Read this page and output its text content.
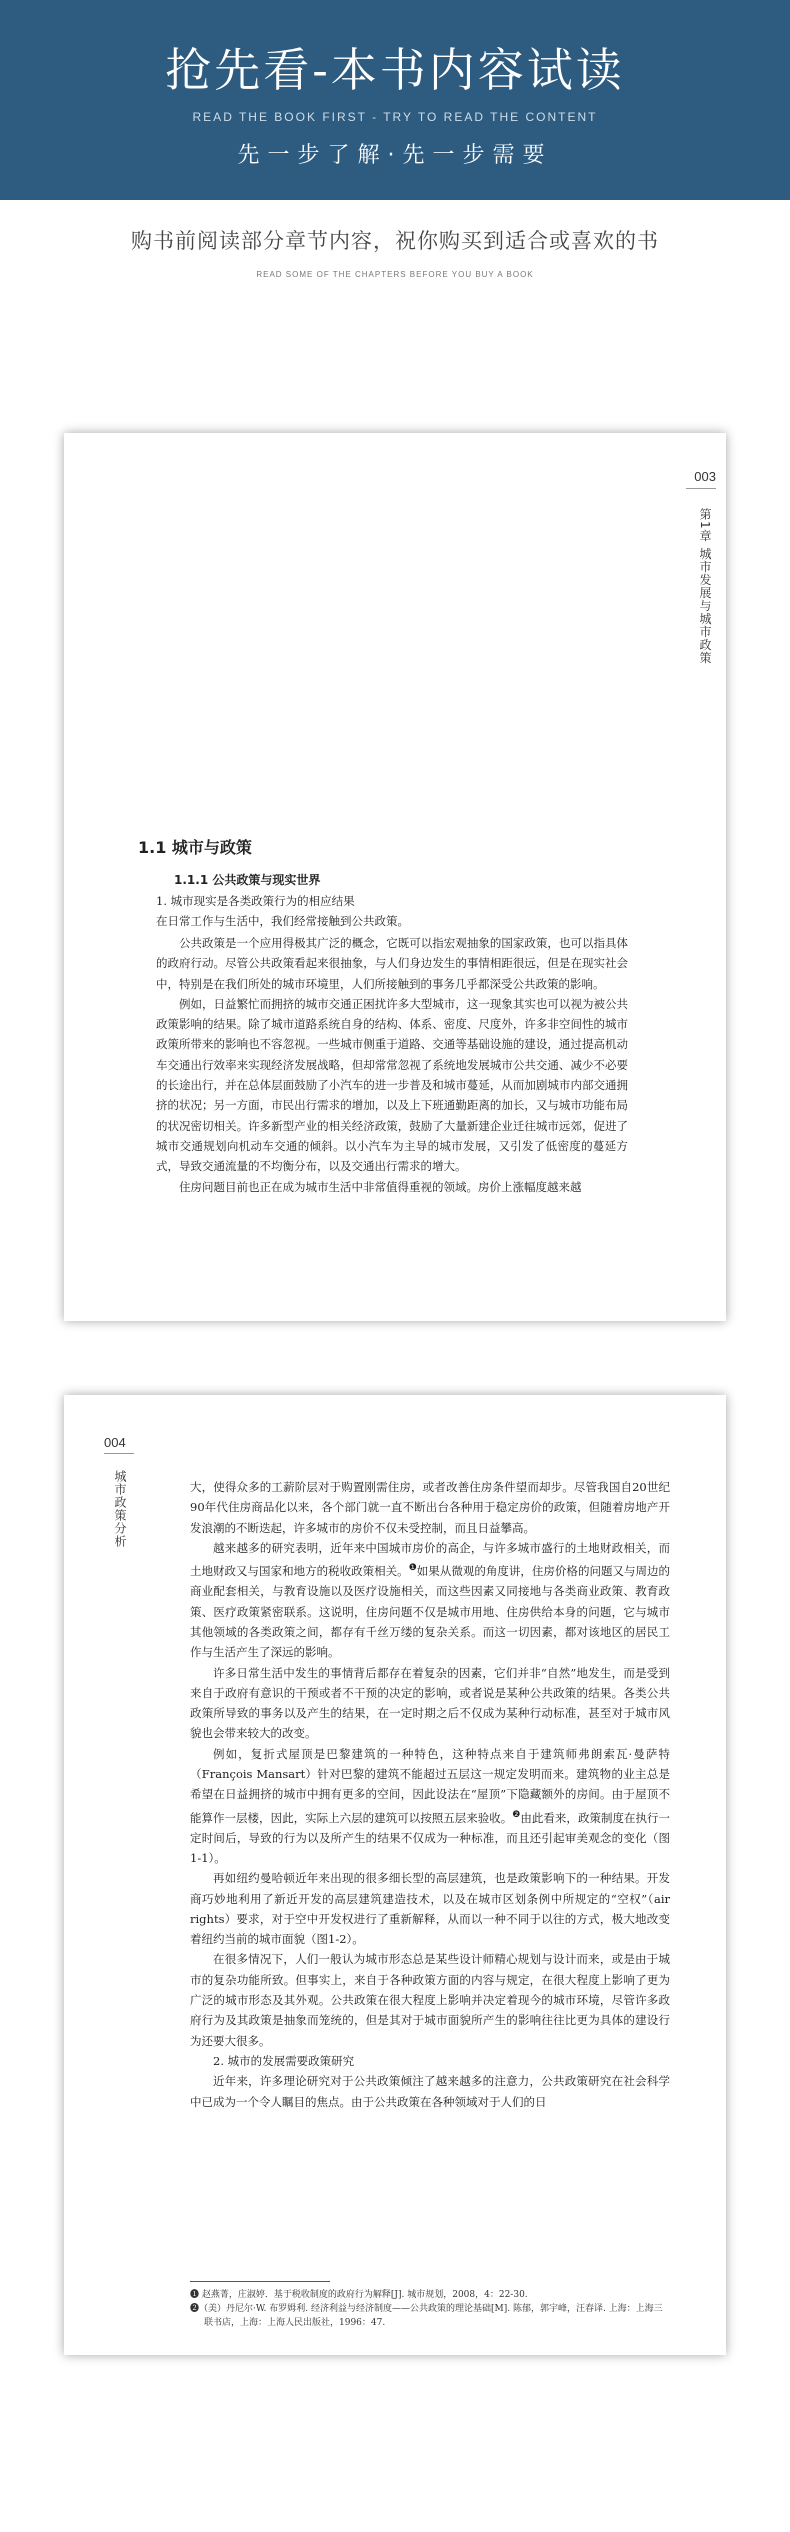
抢先看-本书内容试读
READ THE BOOK FIRST - TRY TO READ THE CONTENT
先一步了解·先一步需要
购书前阅读部分章节内容，祝你购买到适合或喜欢的书
READ SOME OF THE CHAPTERS BEFORE YOU BUY A BOOK
003
第1章 城市发展与城市政策
1.1 城市与政策
1.1.1 公共政策与现实世界
1. 城市现实是各类政策行为的相应结果
在日常工作与生活中，我们经常接触到公共政策。

公共政策是一个应用得极其广泛的概念，它既可以指宏观抽象的国家政策，也可以指具体的政府行动。尽管公共政策看起来很抽象，与人们身边发生的事情相距很远，但是在现实社会中，特别是在我们所处的城市环境里，人们所接触到的事务几乎都深受公共政策的影响。

例如，日益繁忙而拥挤的城市交通正困扰许多大型城市，这一现象其实也可以视为被公共政策影响的结果。除了城市道路系统自身的结构、体系、密度、尺度外，许多非空间性的城市政策所带来的影响也不容忽视。一些城市侧重于道路、交通等基础设施的建设，通过提高机动车交通出行效率来实现经济发展战略，但却常常忽视了系统地发展城市公共交通、减少不必要的长途出行，并在总体层面鼓励了小汽车的进一步普及和城市蔓延，从而加剧城市内部交通拥挤的状况；另一方面，市民出行需求的增加，以及上下班通勤距离的加长，又与城市功能布局的状况密切相关。许多新型产业的相关经济政策，鼓励了大量新建企业迁往城市远郊，促进了城市交通规划向机动车交通的倾斜。以小汽车为主导的城市发展，又引发了低密度的蔓延方式，导致交通流量的不均衡分布，以及交通出行需求的增大。

住房问题目前也正在成为城市生活中非常值得重视的领域。房价上涨幅度越来越

004
城市政策分析	大，使得众多的工薪阶层对于购置刚需住房，或者改善住房条件望而却步。尽管我国自20世纪90年代住房商品化以来，各个部门就一直不断出台各种用于稳定房价的政策，但随着房地产开发浪潮的不断迭起，许多城市的房价不仅未受控制，而且日益攀高。

越来越多的研究表明，近年来中国城市房价的高企，与许多城市盛行的土地财政相关，而土地财政又与国家和地方的税收政策相关。$^❶$如果从微观的角度讲，住房价格的问题又与周边的商业配套相关，与教育设施以及医疗设施相关，而这些因素又同接地与各类商业政策、教育政策、医疗政策紧密联系。这说明，住房问题不仅是城市用地、住房供给本身的问题，它与城市其他领域的各类政策之间，都存有千丝万缕的复杂关系。而这一切因素，都对该地区的居民工作与生活产生了深远的影响。

许多日常生活中发生的事情背后都存在着复杂的因素，它们并非“自然”地发生，而是受到来自于政府有意识的干预或者不干预的决定的影响，或者说是某种公共政策的结果。各类公共政策所导致的事务以及产生的结果，在一定时期之后不仅成为某种行动标准，甚至对于城市风貌也会带来较大的改变。

例如，复折式屋顶是巴黎建筑的一种特色，这种特点来自于建筑师弗朗索瓦·曼萨特（François Mansart）针对巴黎的建筑不能超过五层这一规定发明而来。建筑物的业主总是希望在日益拥挤的城市中拥有更多的空间，因此设法在“屋顶”下隐藏额外的房间。由于屋顶不能算作一层楼，因此，实际上六层的建筑可以按照五层来验收。$^❷$由此看来，政策制度在执行一定时间后，导致的行为以及所产生的结果不仅成为一种标准，而且还引起审美观念的变化（图1-1）。

再如纽约曼哈顿近年来出现的很多细长型的高层建筑，也是政策影响下的一种结果。开发商巧妙地利用了新近开发的高层建筑建造技术，以及在城市区划条例中所规定的“空权”（air rights）要求，对于空中开发权进行了重新解释，从而以一种不同于以往的方式，极大地改变着纽约当前的城市面貌（图1-2）。

在很多情况下，人们一般认为城市形态总是某些设计师精心规划与设计而来，或是由于城市的复杂功能所致。但事实上，来自于各种政策方面的内容与规定，在很大程度上影响了更为广泛的城市形态及其外观。公共政策在很大程度上影响并决定着现今的城市环境，尽管许多政府行为及其政策是抽象而笼统的，但是其对于城市面貌所产生的影响往往比更为具体的建设行为还要大很多。

2. 城市的发展需要政策研究

近年来，许多理论研究对于公共政策倾注了越来越多的注意力，公共政策研究在社会科学中已成为一个令人瞩目的焦点。由于公共政策在各种领域对于人们的日

❶ 赵燕菁，庄淑婷．基于税收制度的政府行为解释[J]. 城市规划，2008，4：22-30.

❷（美）丹尼尔·W. 布罗姆利. 经济利益与经济制度——公共政策的理论基础[M]. 陈郁，郭宇峰，汪春译. 上海：上海三联书店，上海：上海人民出版社，1996：47.
